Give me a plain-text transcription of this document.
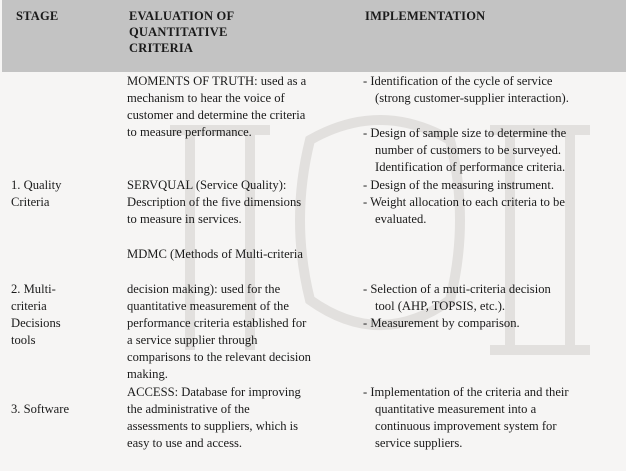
STAGE	EVALUATION OF
QUANTITATIVE
CRITERIA
IMPLEMENTATION
1. Quality
Criteria
MOMENTS OF TRUTH: used as a
mechanism to hear the voice of
customer and determine the criteria
to measure performance.
SERVQUAL (Service Quality):
Description of the five dimensions
to measure in services.
MDMC (Methods of Multi-criteria
- Identification of the cycle of service
(strong customer-supplier interaction).
- Design of sample size to determine the
number of customers to be surveyed.
Identification of performance criteria.
- Design of the measuring instrument.
- Weight allocation to each criteria to be
evaluated.
2. Multi-
criteria
Decisions
tools
decision making): used for the
quantitative measurement of the
performance criteria established for
a service supplier through
comparisons to the relevant decision
making.
- Selection of a muti-criteria decision
tool (AHP, TOPSIS, etc.).
- Measurement by comparison.
3. Software
ACCESS: Database for improving
the administrative of the
assessments to suppliers, which is
easy to use and access.
- Implementation of the criteria and their
quantitative measurement into a
continuous improvement system for
service suppliers.
